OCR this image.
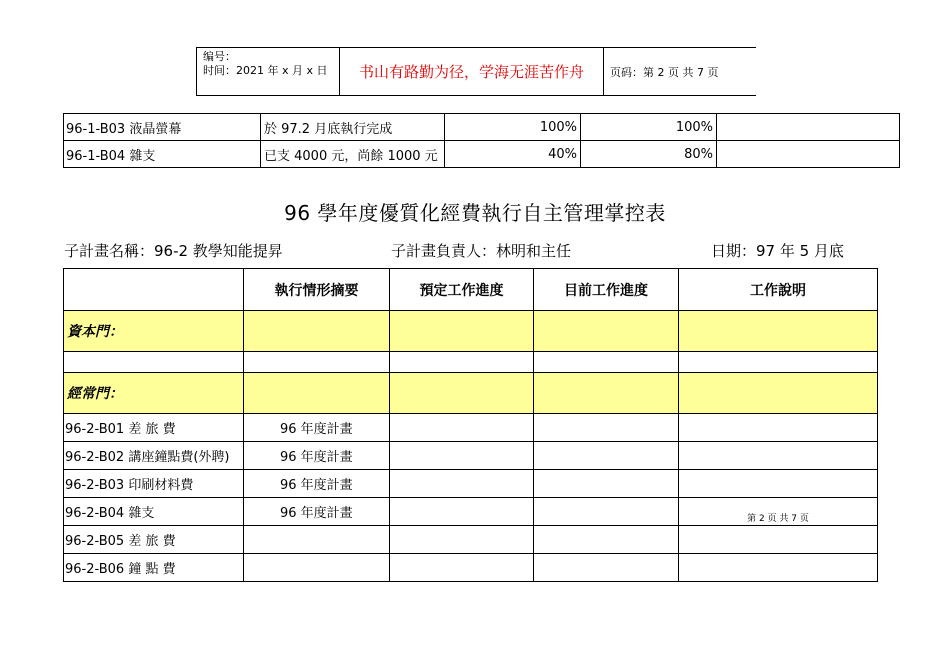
编号：
时间：2021 年 x 月 x 日	书山有路勤为径，学海无涯苦作舟	页码：第 2 页 共 7 页
96-1-B03 液晶螢幕	於 97.2 月底執行完成	100%	100%	
96-1-B04 雜支	已支 4000 元，尚餘 1000 元	40%	80%	
96 學年度優質化經費執行自主管理掌控表
子計畫名稱：96-2 教學知能提昇	子計畫負責人：林明和主任	日期：97 年 5 月底
	執行情形摘要	預定工作進度	目前工作進度	工作說明
資本門：				

經常門：				
96-2-B01 差 旅 費	96 年度計畫			
96-2-B02 講座鐘點費(外聘)	96 年度計畫			
96-2-B03 印刷材料費	96 年度計畫			
96-2-B04 雜支	96 年度計畫			第 2 页 共 7 页
96-2-B05 差 旅 費				
96-2-B06 鐘 點 費				
